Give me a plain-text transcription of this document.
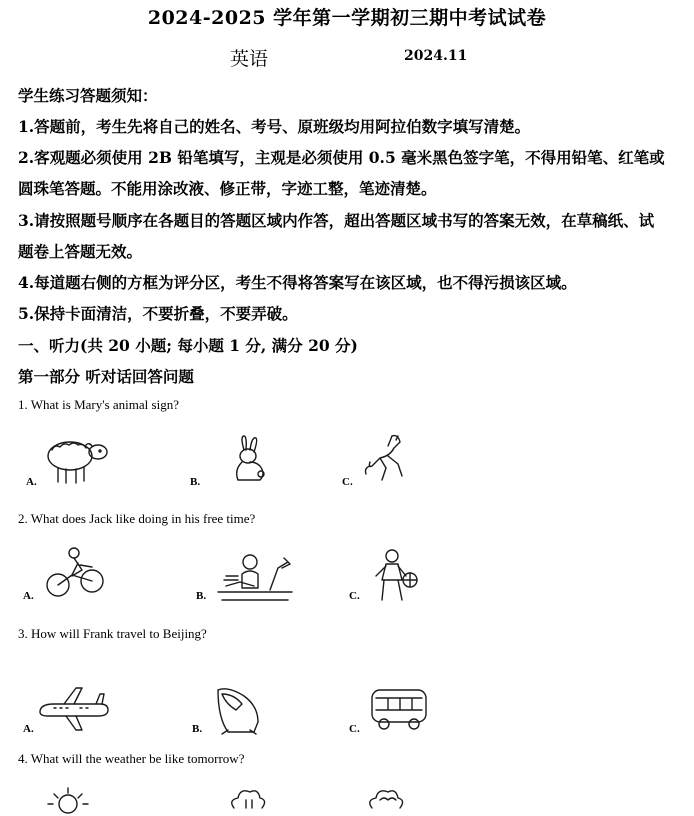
2024-2025 学年第一学期初三期中考试试卷
英语	2024.11
学生练习答题须知：
1.答题前，考生先将自己的姓名、考号、原班级均用阿拉伯数字填写清楚。
2.客观题必须使用 2B 铅笔填写，主观是必须使用 0.5 毫米黑色签字笔，不得用铅笔、红笔或
圆珠笔答题。不能用涂改液、修正带，字迹工整，笔迹清楚。
3.请按照题号顺序在各题目的答题区域内作答，超出答题区域书写的答案无效，在草稿纸、试
题卷上答题无效。
4.每道题右侧的方框为评分区，考生不得将答案写在该区域，也不得污损该区域。
5.保持卡面清洁，不要折叠，不要弄破。
一、听力(共 20 小题; 每小题 1 分, 满分 20 分)
第一部分 听对话回答问题
1. What is Mary's animal sign?
A.	B.	C.
2. What does Jack like doing in his free time?
A.	B.	C.
3. How will Frank travel to Beijing?
A.	B.	C.
4. What will the weather be like tomorrow?
